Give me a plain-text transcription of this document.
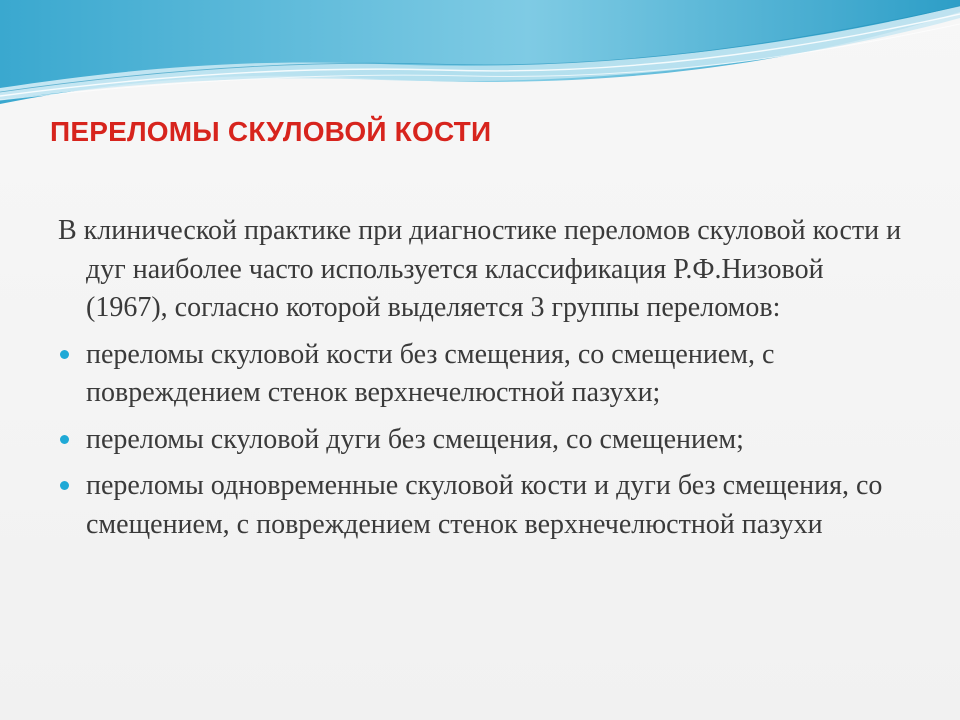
ПЕРЕЛОМЫ СКУЛОВОЙ КОСТИ

В клинической практике при диагностике переломов скуловой кости и дуг наиболее часто используется классификация Р.Ф.Низовой (1967), согласно которой выделяется 3 группы переломов:

переломы скуловой кости без смещения, со смещением, с повреждением стенок верхнечелюстной пазухи;
переломы скуловой дуги без смещения, со смещением;
переломы одновременные скуловой кости и дуги без смещения, со смещением, с повреждением стенок верхнечелюстной пазухи
